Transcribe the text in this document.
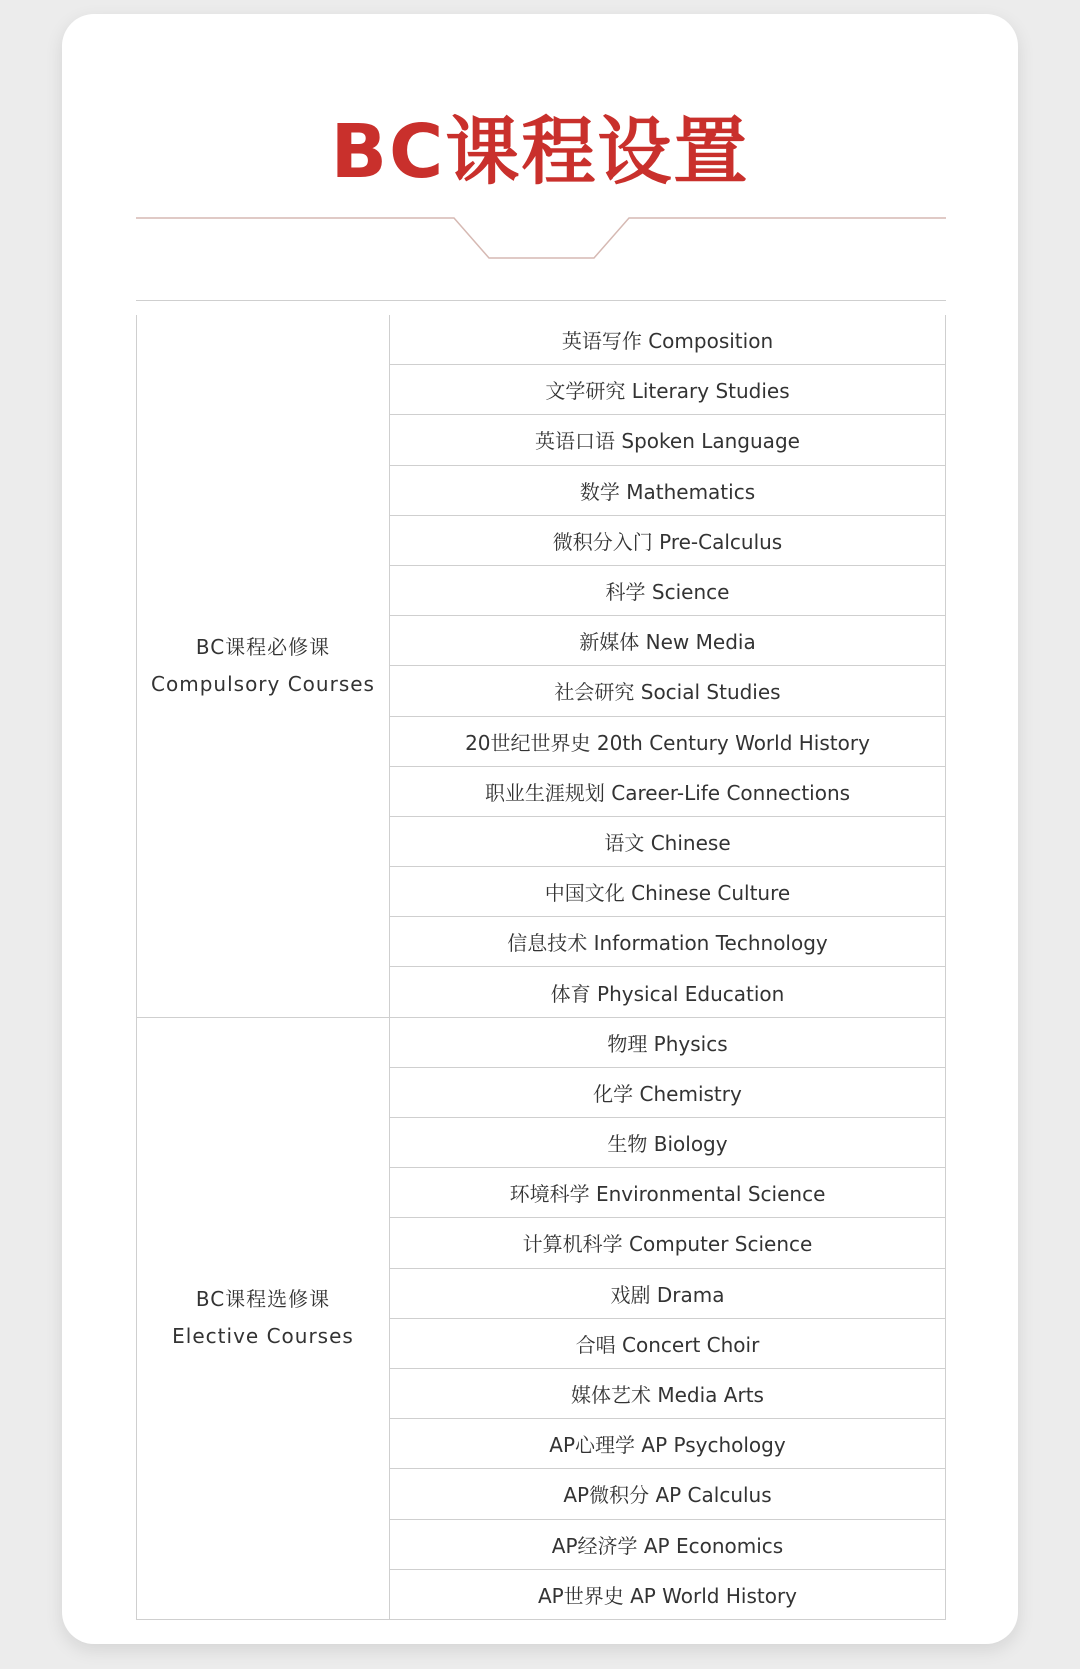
BC课程设置
BC课程必修课
Compulsory Courses	英语写作 Composition
	文学研究 Literary Studies
	英语口语 Spoken Language
	数学 Mathematics
	微积分入门 Pre-Calculus
	科学 Science
	新媒体 New Media
	社会研究 Social Studies
	20世纪世界史 20th Century World History
	职业生涯规划 Career-Life Connections
	语文 Chinese
	中国文化 Chinese Culture
	信息技术 Information Technology
	体育 Physical Education

BC课程选修课
Elective Courses	物理 Physics
	化学 Chemistry
	生物 Biology
	环境科学 Environmental Science
	计算机科学 Computer Science
	戏剧 Drama
	合唱 Concert Choir
	媒体艺术 Media Arts
	AP心理学 AP Psychology
	AP微积分 AP Calculus
	AP经济学 AP Economics
	AP世界史 AP World History
